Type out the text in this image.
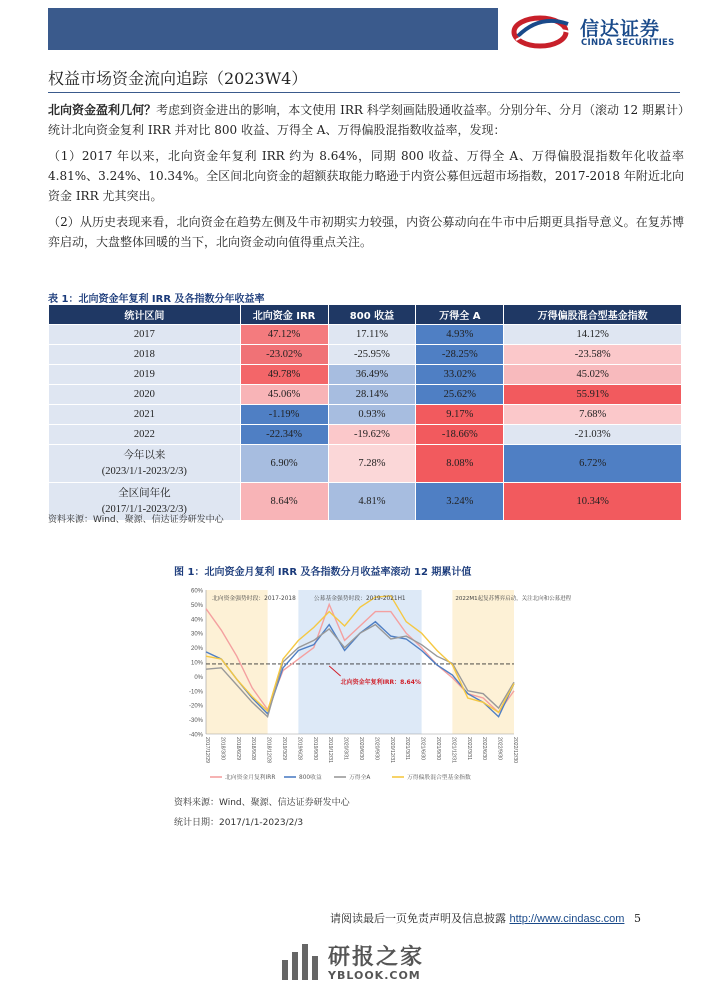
信达证券
CINDA SECURITIES
权益市场资金流向追踪（2023W4）
北向资金盈利几何？考虑到资金进出的影响，本文使用 IRR 科学刻画陆股通收益率。分别分年、分月（滚动 12 期累计）统计北向资金复利 IRR 并对比 800 收益、万得全 A、万得偏股混指数收益率，发现：
（1）2017 年以来，北向资金年复利 IRR 约为 8.64%，同期 800 收益、万得全 A、万得偏股混指数年化收益率 4.81%、3.24%、10.34%。全区间北向资金的超额获取能力略逊于内资公募但远超市场指数，2017-2018 年附近北向资金 IRR 尤其突出。
（2）从历史表现来看，北向资金在趋势左侧及牛市初期实力较强，内资公募动向在牛市中后期更具指导意义。在复苏博弈启动，大盘整体回暖的当下，北向资金动向值得重点关注。
表 1：北向资金年复利 IRR 及各指数分年收益率
统计区间	北向资金 IRR	800 收益	万得全 A	万得偏股混合型基金指数
2017	47.12%	17.11%	4.93%	14.12%
2018	-23.02%	-25.95%	-28.25%	-23.58%
2019	49.78%	36.49%	33.02%	45.02%
2020	45.06%	28.14%	25.62%	55.91%
2021	-1.19%	0.93%	9.17%	7.68%
2022	-22.34%	-19.62%	-18.66%	-21.03%

今年以来
(2023/1/1-2023/2/3)	6.90%	7.28%	8.08%	6.72%

全区间年化
(2017/1/1-2023/2/3)	8.64%	4.81%	3.24%	10.34%
资料来源：Wind、聚源、信达证券研发中心
图 1：北向资金月复利 IRR 及各指数分月收益率滚动 12 期累计值
60%
50%
40%
30%
20%
10%
0%
-10%
-20%
-30%
-40%
2017/12/29 2018/3/30 2018/6/29 2018/9/28 2018/12/28 2019/3/29 2019/6/28 2019/9/30 2019/12/31 2020/3/31 2020/6/30 2020/9/30 2020/12/31 2021/3/31 2021/6/30 2021/9/30 2021/12/31 2022/3/31 2022/6/30 2022/9/30 2022/12/30
北向资金强势时段：2017-2018	公募基金强势时段：2019-2021H1	2022M1起复苏博弈启动，关注北向和公募进程
北向资金年复利IRR：8.64%
北向资金月复利IRR	800收益	万得全A	万得偏股混合型基金指数
资料来源：Wind、聚源、信达证券研发中心
统计日期：2017/1/1-2023/2/3
请阅读最后一页免责声明及信息披露 http://www.cindasc.com 5
研报之家
YBLOOK.COM
